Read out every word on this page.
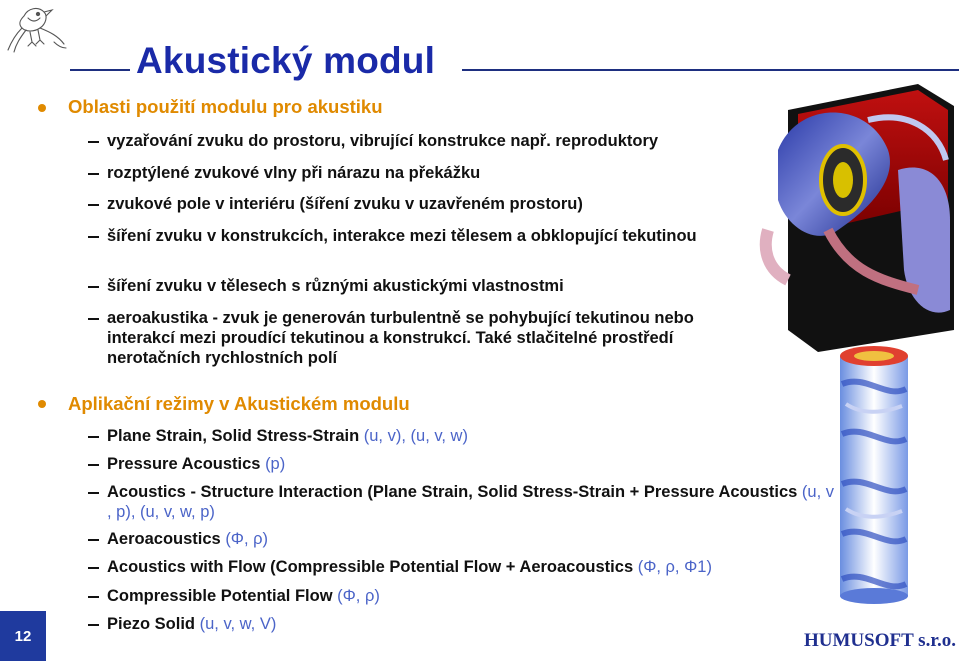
Akustický modul

Oblasti použití modulu pro akustiku

vyzařování zvuku do prostoru, vibrující konstrukce např. reproduktory

rozptýlené zvukové vlny při nárazu na překážku

zvukové pole v interiéru (šíření zvuku v uzavřeném prostoru)

šíření zvuku v konstrukcích, interakce mezi tělesem a obklopující tekutinou

šíření zvuku v tělesech s různými akustickými vlastnostmi

aeroakustika - zvuk je generován turbulentně se pohybující tekutinou nebo interakcí mezi proudící tekutinou a konstrukcí. Také stlačitelné prostředí nerotačních rychlostních polí

Aplikační režimy v Akustickém modulu

Plane Strain, Solid Stress-Strain (u, v), (u, v, w)

Pressure Acoustics (p)

Acoustics - Structure Interaction (Plane Strain, Solid Stress-Strain + Pressure Acoustics (u, v , p), (u, v, w, p)

Aeroacoustics (Φ, ρ)

Acoustics with Flow (Compressible Potential Flow + Aeroacoustics (Φ, ρ, Φ1)

Compressible Potential Flow (Φ, ρ)

Piezo Solid (u, v, w, V)

12	HUMUSOFT s.r.o.
